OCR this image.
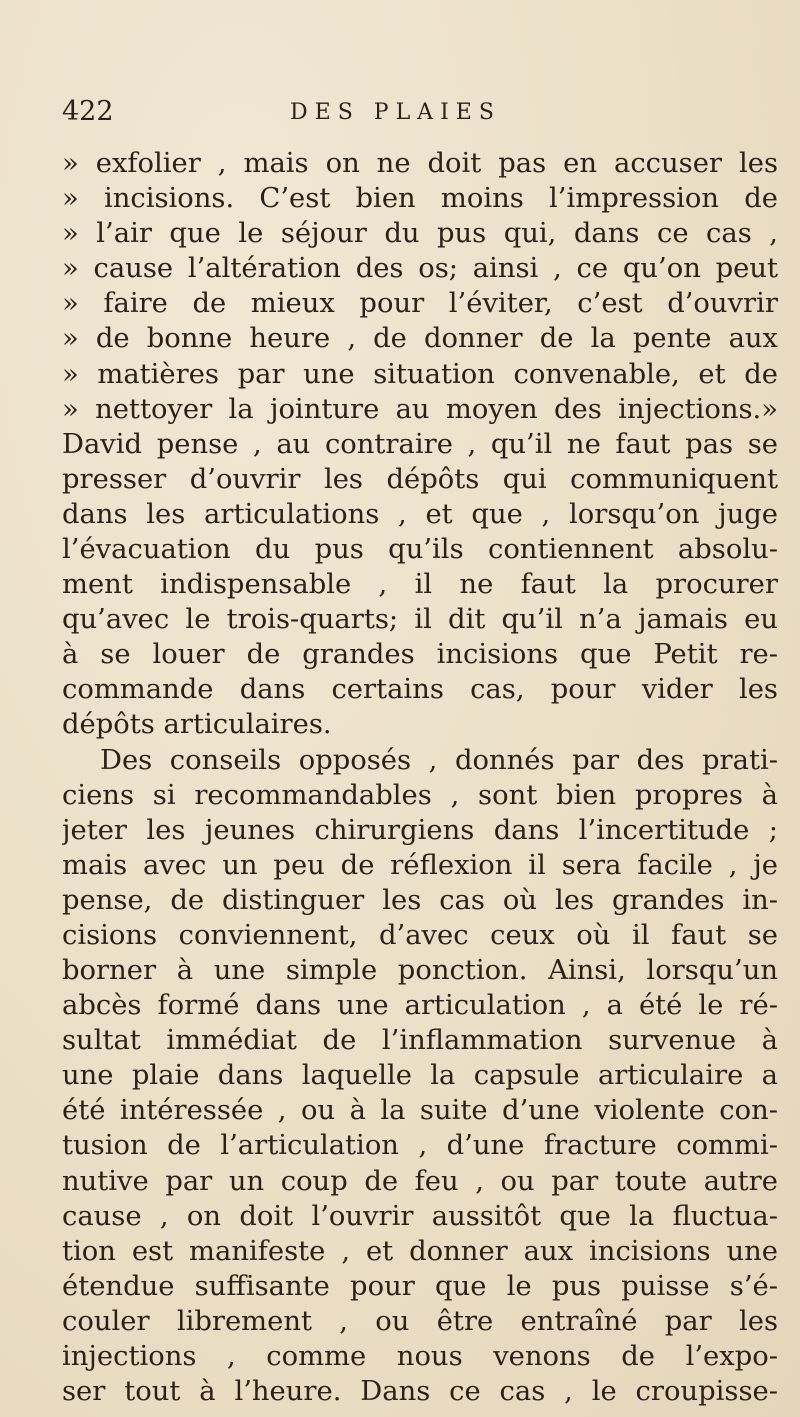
422	DES PLAIES
» exfolier , mais on ne doit pas en accuser les
» incisions. C’est bien moins l’impression de
» l’air que le séjour du pus qui, dans ce cas ,
» cause l’altération des os; ainsi , ce qu’on peut
» faire de mieux pour l’éviter, c’est d’ouvrir
» de bonne heure , de donner de la pente aux
» matières par une situation convenable, et de
» nettoyer la jointure au moyen des injections.»
David pense , au contraire , qu’il ne faut pas se
presser d’ouvrir les dépôts qui communiquent
dans les articulations , et que , lorsqu’on juge
l’évacuation du pus qu’ils contiennent absolu-
ment indispensable , il ne faut la procurer
qu’avec le trois-quarts; il dit qu’il n’a jamais eu
à se louer de grandes incisions que Petit re-
commande dans certains cas, pour vider les
dépôts articulaires.
Des conseils opposés , donnés par des prati-
ciens si recommandables , sont bien propres à
jeter les jeunes chirurgiens dans l’incertitude ;
mais avec un peu de réflexion il sera facile , je
pense, de distinguer les cas où les grandes in-
cisions conviennent, d’avec ceux où il faut se
borner à une simple ponction. Ainsi, lorsqu’un
abcès formé dans une articulation , a été le ré-
sultat immédiat de l’inflammation survenue à
une plaie dans laquelle la capsule articulaire a
été intéressée , ou à la suite d’une violente con-
tusion de l’articulation , d’une fracture commi-
nutive par un coup de feu , ou par toute autre
cause , on doit l’ouvrir aussitôt que la fluctua-
tion est manifeste , et donner aux incisions une
étendue suffisante pour que le pus puisse s’é-
couler librement , ou être entraîné par les
injections , comme nous venons de l’expo-
ser tout à l’heure. Dans ce cas , le croupisse-
